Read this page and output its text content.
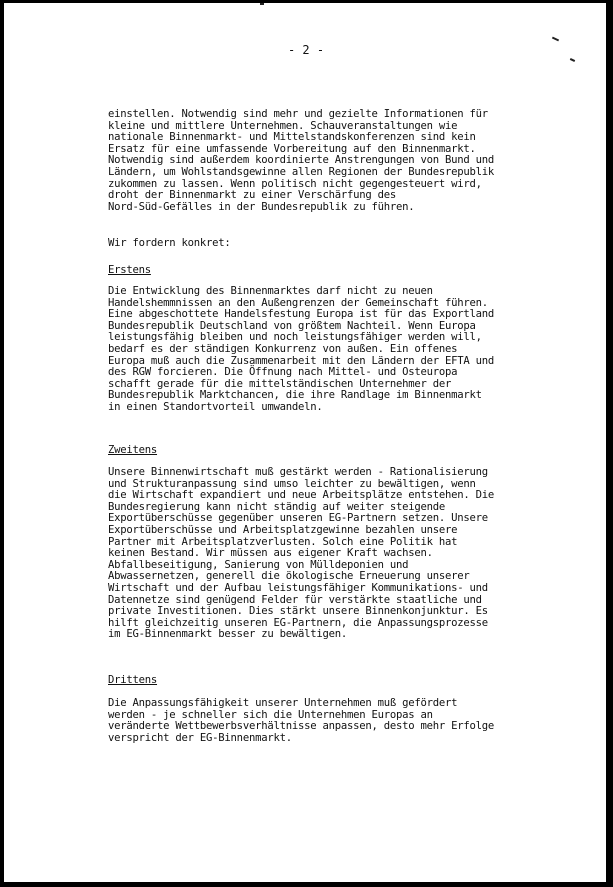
- 2 -
einstellen. Notwendig sind mehr und gezielte Informationen für
kleine und mittlere Unternehmen. Schauveranstaltungen wie
nationale Binnenmarkt- und Mittelstandskonferenzen sind kein
Ersatz für eine umfassende Vorbereitung auf den Binnenmarkt.
Notwendig sind außerdem koordinierte Anstrengungen von Bund und
Ländern, um Wohlstandsgewinne allen Regionen der Bundesrepublik
zukommen zu lassen. Wenn politisch nicht gegengesteuert wird,
droht der Binnenmarkt zu einer Verschärfung des
Nord-Süd-Gefälles in der Bundesrepublik zu führen.
Wir fordern konkret:
Erstens
Die Entwicklung des Binnenmarktes darf nicht zu neuen
Handelshemmnissen an den Außengrenzen der Gemeinschaft führen.
Eine abgeschottete Handelsfestung Europa ist für das Exportland
Bundesrepublik Deutschland von größtem Nachteil. Wenn Europa
leistungsfähig bleiben und noch leistungsfähiger werden will,
bedarf es der ständigen Konkurrenz von außen. Ein offenes
Europa muß auch die Zusammenarbeit mit den Ländern der EFTA und
des RGW forcieren. Die Öffnung nach Mittel- und Osteuropa
schafft gerade für die mittelständischen Unternehmer der
Bundesrepublik Marktchancen, die ihre Randlage im Binnenmarkt
in einen Standortvorteil umwandeln.
Zweitens
Unsere Binnenwirtschaft muß gestärkt werden - Rationalisierung
und Strukturanpassung sind umso leichter zu bewältigen, wenn
die Wirtschaft expandiert und neue Arbeitsplätze entstehen. Die
Bundesregierung kann nicht ständig auf weiter steigende
Exportüberschüsse gegenüber unseren EG-Partnern setzen. Unsere
Exportüberschüsse und Arbeitsplatzgewinne bezahlen unsere
Partner mit Arbeitsplatzverlusten. Solch eine Politik hat
keinen Bestand. Wir müssen aus eigener Kraft wachsen.
Abfallbeseitigung, Sanierung von Mülldeponien und
Abwassernetzen, generell die ökologische Erneuerung unserer
Wirtschaft und der Aufbau leistungsfähiger Kommunikations- und
Datennetze sind genügend Felder für verstärkte staatliche und
private Investitionen. Dies stärkt unsere Binnenkonjunktur. Es
hilft gleichzeitig unseren EG-Partnern, die Anpassungsprozesse
im EG-Binnenmarkt besser zu bewältigen.
Drittens
Die Anpassungsfähigkeit unserer Unternehmen muß gefördert
werden - je schneller sich die Unternehmen Europas an
veränderte Wettbewerbsverhältnisse anpassen, desto mehr Erfolge
verspricht der EG-Binnenmarkt.
